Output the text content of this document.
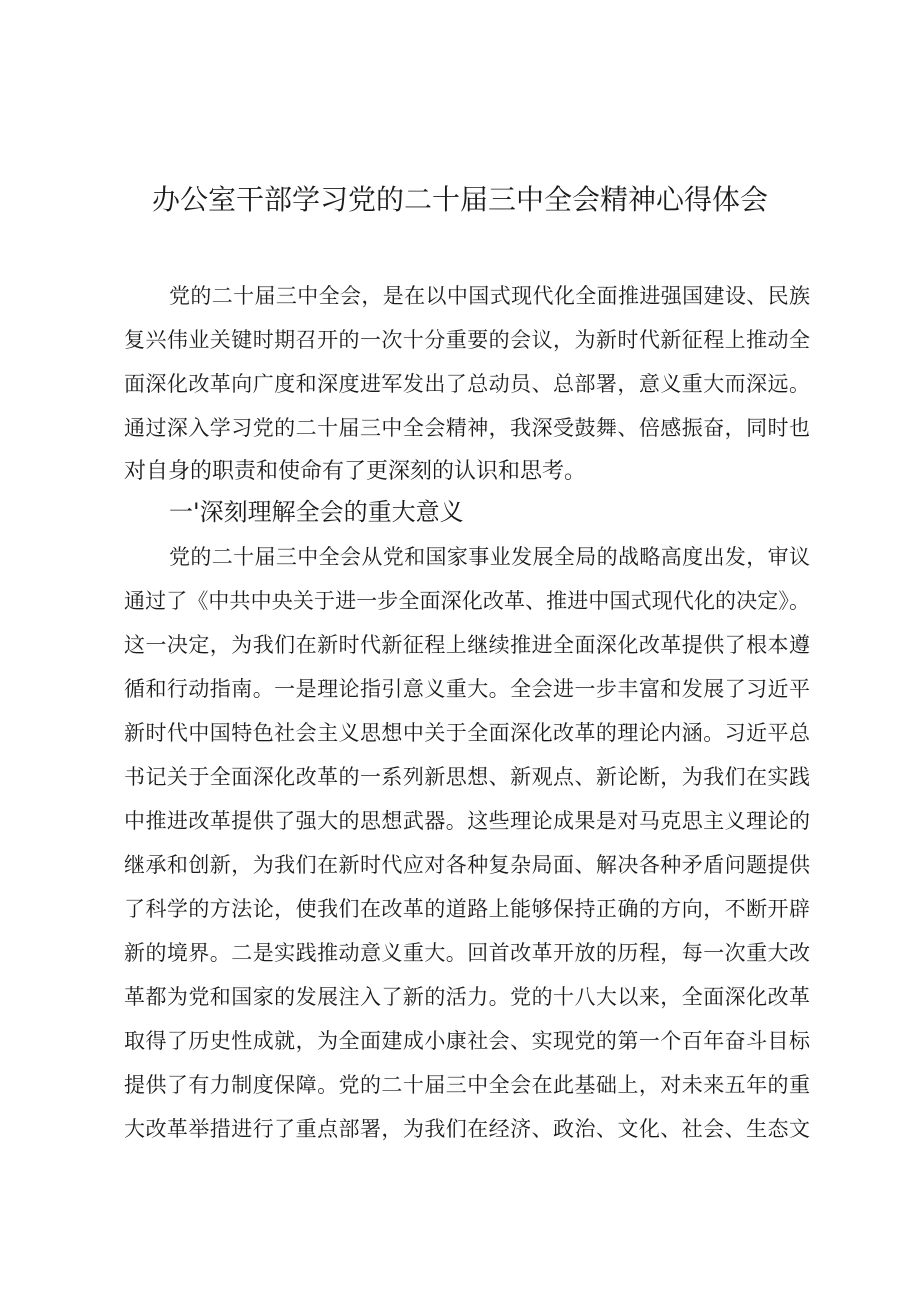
办公室干部学习党的二十届三中全会精神心得体会
党的二十届三中全会，是在以中国式现代化全面推进强国建设、民族
复兴伟业关键时期召开的一次十分重要的会议，为新时代新征程上推动全
面深化改革向广度和深度进军发出了总动员、总部署，意义重大而深远。
通过深入学习党的二十届三中全会精神，我深受鼓舞、倍感振奋，同时也
对自身的职责和使命有了更深刻的认识和思考。
一'深刻理解全会的重大意义
党的二十届三中全会从党和国家事业发展全局的战略高度出发，审议
通过了《中共中央关于进一步全面深化改革、推进中国式现代化的决定》。
这一决定，为我们在新时代新征程上继续推进全面深化改革提供了根本遵
循和行动指南。一是理论指引意义重大。全会进一步丰富和发展了习近平
新时代中国特色社会主义思想中关于全面深化改革的理论内涵。习近平总
书记关于全面深化改革的一系列新思想、新观点、新论断，为我们在实践
中推进改革提供了强大的思想武器。这些理论成果是对马克思主义理论的
继承和创新，为我们在新时代应对各种复杂局面、解决各种矛盾问题提供
了科学的方法论，使我们在改革的道路上能够保持正确的方向，不断开辟
新的境界。二是实践推动意义重大。回首改革开放的历程，每一次重大改
革都为党和国家的发展注入了新的活力。党的十八大以来，全面深化改革
取得了历史性成就，为全面建成小康社会、实现党的第一个百年奋斗目标
提供了有力制度保障。党的二十届三中全会在此基础上，对未来五年的重
大改革举措进行了重点部署，为我们在经济、政治、文化、社会、生态文
